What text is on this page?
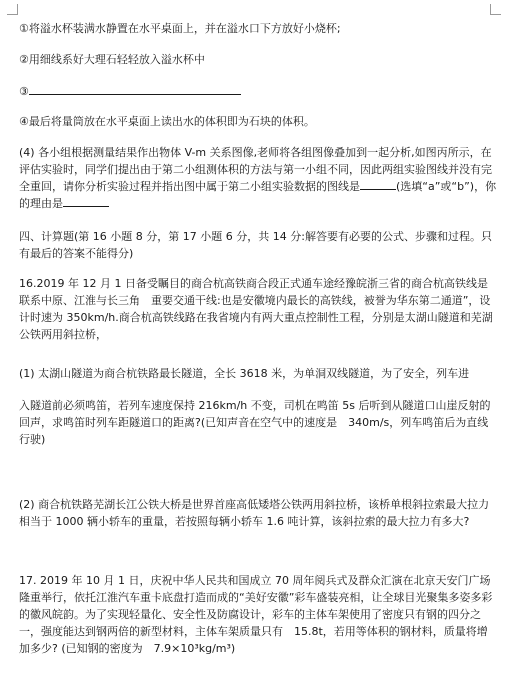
①将溢水杯装满水静置在水平桌面上，并在溢水口下方放好小烧杯;

②用细线系好大理石轻轻放入溢水杯中

③

④最后将量筒放在水平桌面上读出水的体积即为石块的体积。

(4) 各小组根据测量结果作出物体 V-m 关系图像,老师将各组图像叠加到一起分析,如图丙所示，在评估实验时，同学们提出由于第二小组测体积的方法与第一小组不同，因此两组实验图线并没有完全重回，请你分析实验过程并指出图中属于第二小组实验数据的图线是	(选填“a”或“b”)，你的理由是

四、计算题(第 16 小题 8 分，第 17 小题 6 分，共 14 分:解答要有必要的公式、步骤和过程。只有最后的答案不能得分)

16.2019 年 12 月 1 日备受瞩目的商合杭高铁商合段正式通车途经豫皖浙三省的商合杭高铁线是联系中原、江淮与长三角　重要交通干线:也是安徽境内最长的高铁线，被誉为华东第二通道”，设计时速为 350km/h.商合杭高铁线路在我省境内有两大重点控制性工程，分别是太湖山隧道和芜湖公铁两用斜拉桥，

(1) 太湖山隧道为商合杭铁路最长隧道，全长 3618 米，为单洞双线隧道，为了安全，列车进

入隧道前必须鸣笛，若列车速度保持 216km/h 不变，司机在鸣笛 5s 后听到从隧道口山崖反射的回声，求鸣笛时列车距隧道口的距离?(已知声音在空气中的速度是　340m/s，列车鸣笛后为直线行驶)

(2) 商合杭铁路芜湖长江公铁大桥是世界首座高低矮塔公铁两用斜拉桥，该桥单根斜拉索最大拉力相当于 1000 辆小轿车的重量，若按照每辆小轿车 1.6 吨计算，该斜拉索的最大拉力有多大?

17. 2019 年 10 月 1 日，庆祝中华人民共和国成立 70 周年阅兵式及群众汇演在北京天安门广场隆重举行，依托江淮汽车重卡底盘打造而成的“美好安徽”彩车盛装亮相，让全球目光聚集多姿多彩的徽风皖韵。为了实现轻量化、安全性及防腐设计，彩车的主体车架使用了密度只有钢的四分之一，强度能达到钢两倍的新型材料，主体车架质量只有　15.8t，若用等体积的钢材料，质量将增加多少? (已知钢的密度为　7.9×10³kg/m³)
